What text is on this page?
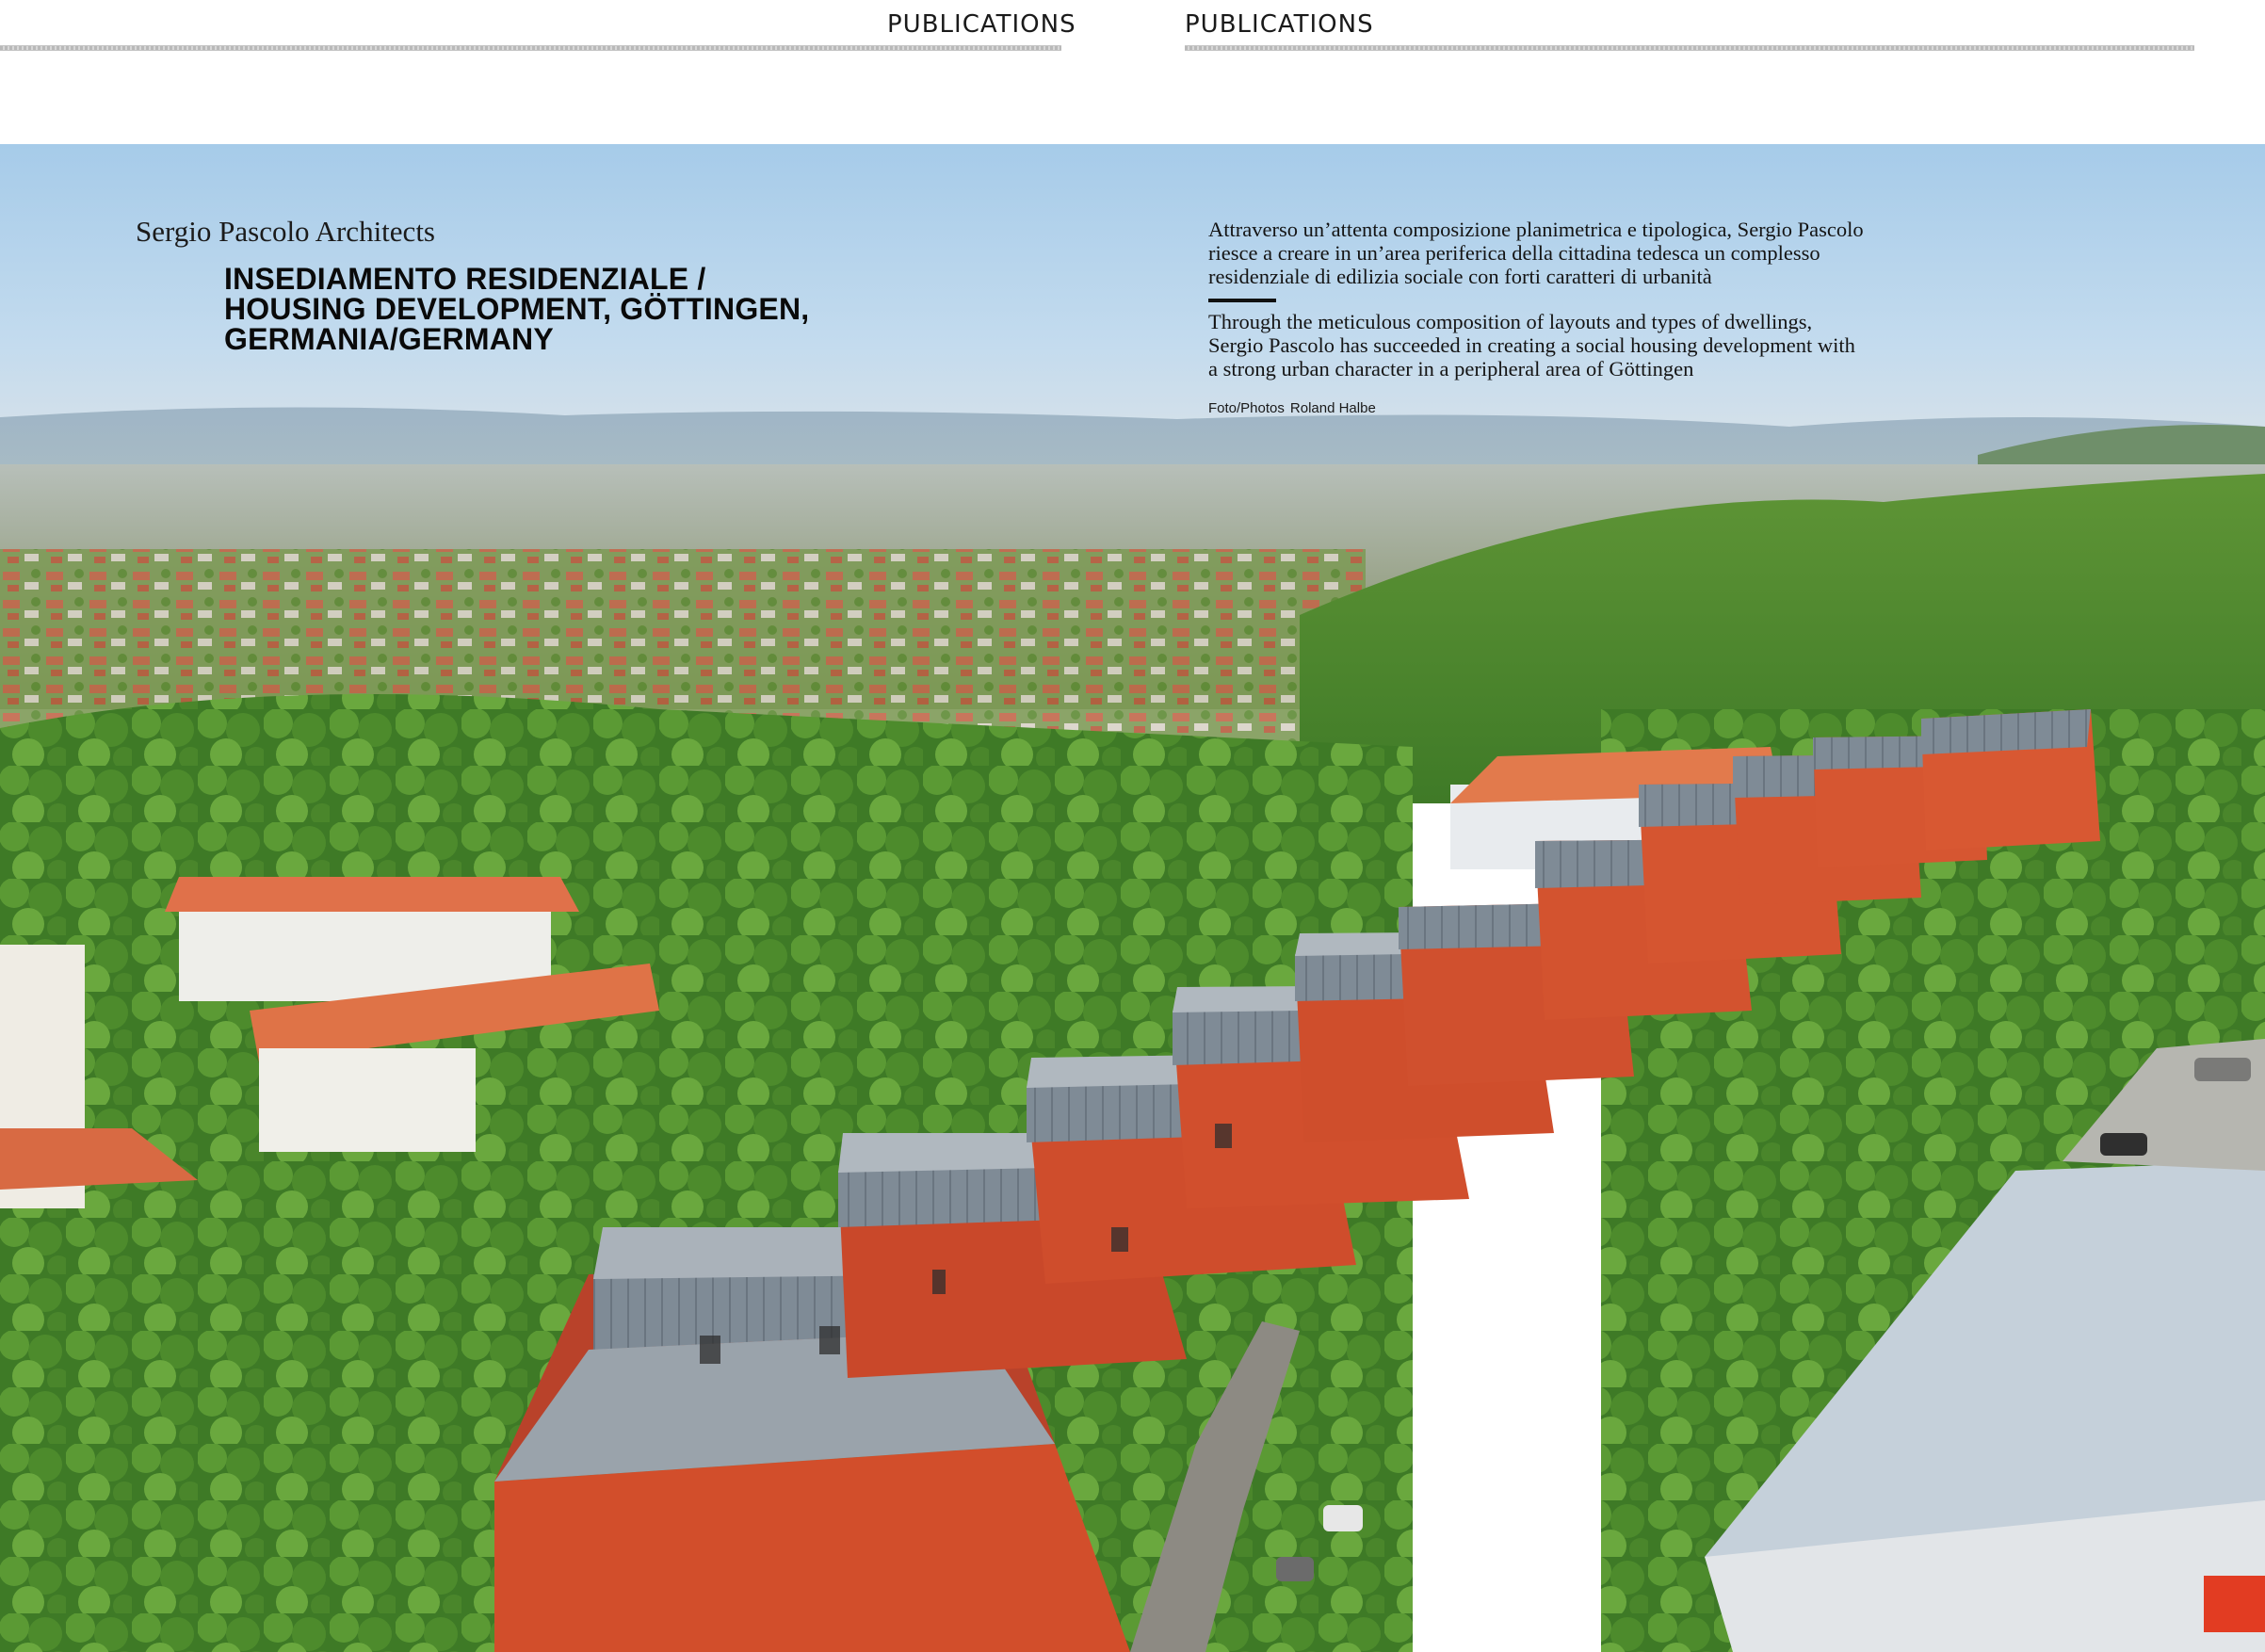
PUBLICATIONS	PUBLICATIONS
Sergio Pascolo Architects
INSEDIAMENTO RESIDENZIALE /
HOUSING DEVELOPMENT, GÖTTINGEN,
GERMANIA/GERMANY
Attraverso un’attenta composizione planimetrica e tipologica, Sergio Pascolo
riesce a creare in un’area periferica della cittadina tedesca un complesso
residenziale di edilizia sociale con forti caratteri di urbanità
Through the meticulous composition of layouts and types of dwellings,
Sergio Pascolo has succeeded in creating a social housing development with
a strong urban character in a peripheral area of Göttingen
Foto/Photos Roland Halbe
